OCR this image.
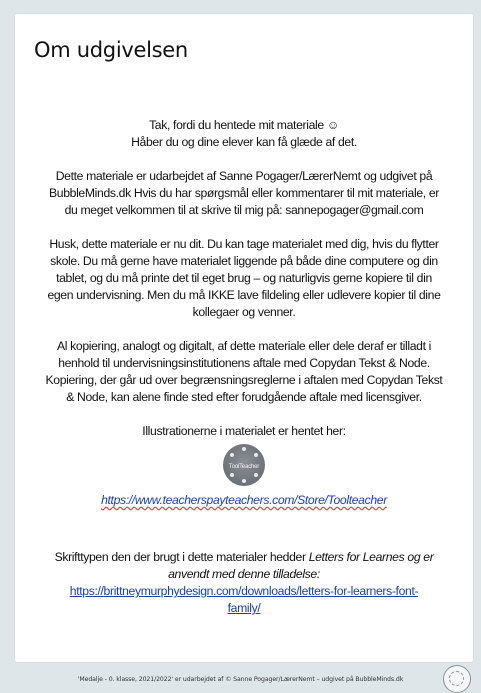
Om udgivelsen

Tak, fordi du hentede mit materiale ☺
Håber du og dine elever kan få glæde af det.

Dette materiale er udarbejdet af Sanne Pogager/LærerNemt og udgivet på
BubbleMinds.dk Hvis du har spørgsmål eller kommentarer til mit materiale, er
du meget velkommen til at skrive til mig på: sannepogager@gmail.com

Husk, dette materiale er nu dit. Du kan tage materialet med dig, hvis du flytter
skole. Du må gerne have materialet liggende på både dine computere og din
tablet, og du må printe det til eget brug – og naturligvis gerne kopiere til din
egen undervisning. Men du må IKKE lave fildeling eller udlevere kopier til dine
kollegaer og venner.

Al kopiering, analogt og digitalt, af dette materiale eller dele deraf er tilladt i
henhold til undervisningsinstitutionens aftale med Copydan Tekst & Node.
Kopiering, der går ud over begrænsningsreglerne i aftalen med Copydan Tekst
& Node, kan alene finde sted efter forudgående aftale med licensgiver.

Illustrationerne i materialet er hentet her:
ToolTeacher
https://www.teacherspayteachers.com/Store/Toolteacher
Skrifttypen den der brugt i dette materialer hedder Letters for Learnes og er
anvendt med denne tilladelse:
https://brittneymurphydesign.com/downloads/letters-for-learners-font-
family/
'Medalje - 0. klasse, 2021/2022' er udarbejdet af © Sanne Pogager/LærerNemt – udgivet på BubbleMinds.dk
